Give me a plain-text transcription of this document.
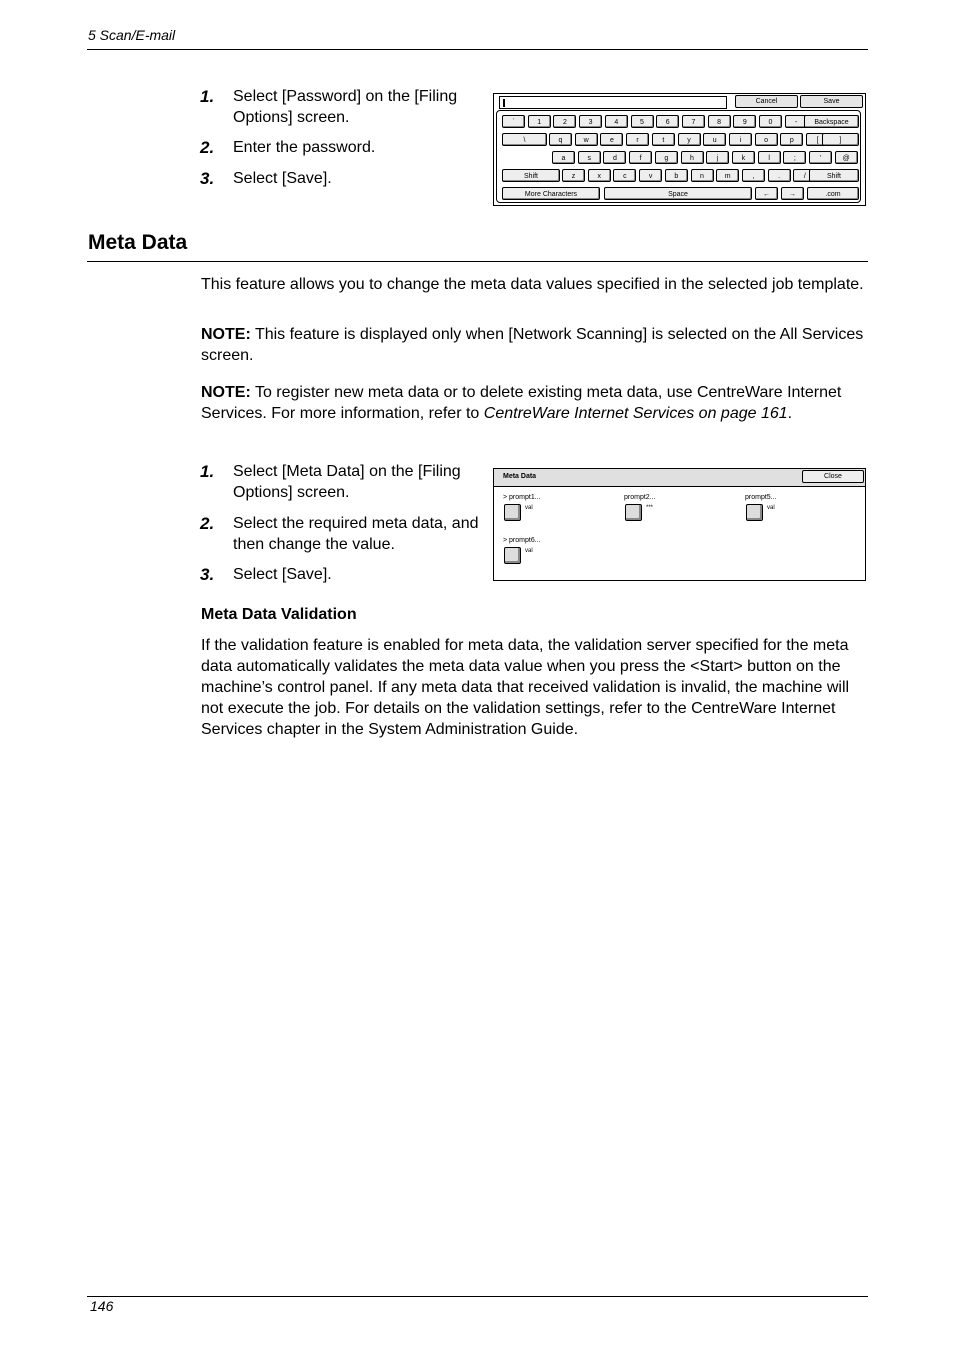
5 Scan/E-mail
1. Select [Password] on the [Filing Options] screen.
2. Enter the password.
3. Select [Save].
Cancel	Save
`	1	2	3	4	5	6	7	8	9	0	-	Backspace
\	q	w	e	r	t	y	u	i	o	p	[	]
a	s	d	f	g	h	j	k	l	;	'	@
Shift	z	x	c	v	b	n	m	,	.	/	Shift
More Characters	Space	←	→	.com
Meta Data
This feature allows you to change the meta data values specified in the selected job template.
NOTE: This feature is displayed only when [Network Scanning] is selected on the All Services screen.
NOTE: To register new meta data or to delete existing meta data, use CentreWare Internet Services. For more information, refer to CentreWare Internet Services on page 161.
1. Select [Meta Data] on the [Filing Options] screen.
2. Select the required meta data, and then change the value.
3. Select [Save].
Meta Data	Close
> prompt1...
val
prompt2...
***
prompt5...
val
> prompt6...
val
Meta Data Validation
If the validation feature is enabled for meta data, the validation server specified for the meta data automatically validates the meta data value when you press the <Start> button on the machine’s control panel. If any meta data that received validation is invalid, the machine will not execute the job. For details on the validation settings, refer to the CentreWare Internet Services chapter in the System Administration Guide.
146
